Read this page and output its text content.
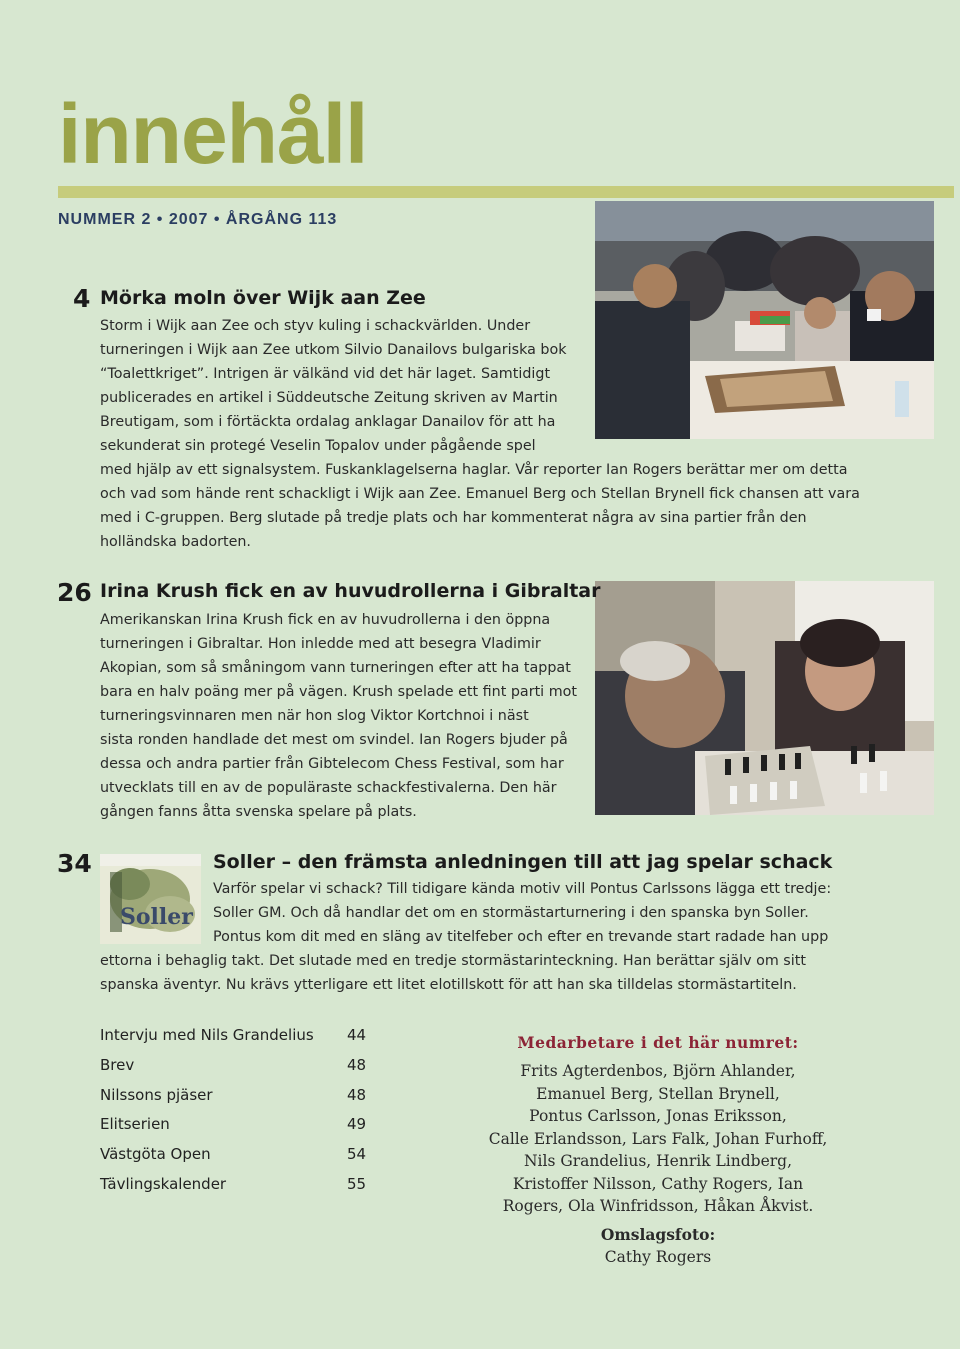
innehåll
NUMMER 2 • 2007 • ÅRGÅNG 113
4 Mörka moln över Wijk aan Zee
Storm i Wijk aan Zee och styv kuling i schackvärlden. Under
turneringen i Wijk aan Zee utkom Silvio Danailovs bulgariska bok
“Toalettkriget”. Intrigen är välkänd vid det här laget. Samtidigt
publicerades en artikel i Süddeutsche Zeitung skriven av Martin
Breutigam, som i förtäckta ordalag anklagar Danailov för att ha
sekunderat sin protegé Veselin Topalov under pågående spel
med hjälp av ett signalsystem. Fuskanklagelserna haglar. Vår reporter Ian Rogers berättar mer om detta
och vad som hände rent schackligt i Wijk aan Zee. Emanuel Berg och Stellan Brynell fick chansen att vara
med i C-gruppen. Berg slutade på tredje plats och har kommenterat några av sina partier från den
holländska badorten.
26 Irina Krush fick en av huvudrollerna i Gibraltar
Amerikanskan Irina Krush fick en av huvudrollerna i den öppna
turneringen i Gibraltar. Hon inledde med att besegra Vladimir
Akopian, som så småningom vann turneringen efter att ha tappat
bara en halv poäng mer på vägen. Krush spelade ett fint parti mot
turneringsvinnaren men när hon slog Viktor Kortchnoi i näst
sista ronden handlade det mest om svindel. Ian Rogers bjuder på
dessa och andra partier från Gibtelecom Chess Festival, som har
utvecklats till en av de populäraste schackfestivalerna. Den här
gången fanns åtta svenska spelare på plats.
34
Soller
Soller – den främsta anledningen till att jag spelar schack
Varför spelar vi schack? Till tidigare kända motiv vill Pontus Carlssons lägga ett tredje:
Soller GM. Och då handlar det om en stormästarturnering i den spanska byn Soller.
Pontus kom dit med en släng av titelfeber och efter en trevande start radade han upp
ettorna i behaglig takt. Det slutade med en tredje stormästarinteckning. Han berättar själv om sitt
spanska äventyr. Nu krävs ytterligare ett litet elotillskott för att han ska tilldelas stormästartiteln.
Intervju med Nils Grandelius 44
Brev	48
Nilssons pjäser	48
Elitserien	49
Västgöta Open	54
Tävlingskalender	55
Medarbetare i det här numret:
Frits Agterdenbos, Björn Ahlander,
Emanuel Berg, Stellan Brynell,
Pontus Carlsson, Jonas Eriksson,
Calle Erlandsson, Lars Falk, Johan Furhoff,
Nils Grandelius, Henrik Lindberg,
Kristoffer Nilsson, Cathy Rogers, Ian
Rogers, Ola Winfridsson, Håkan Åkvist.
Omslagsfoto:
Cathy Rogers
